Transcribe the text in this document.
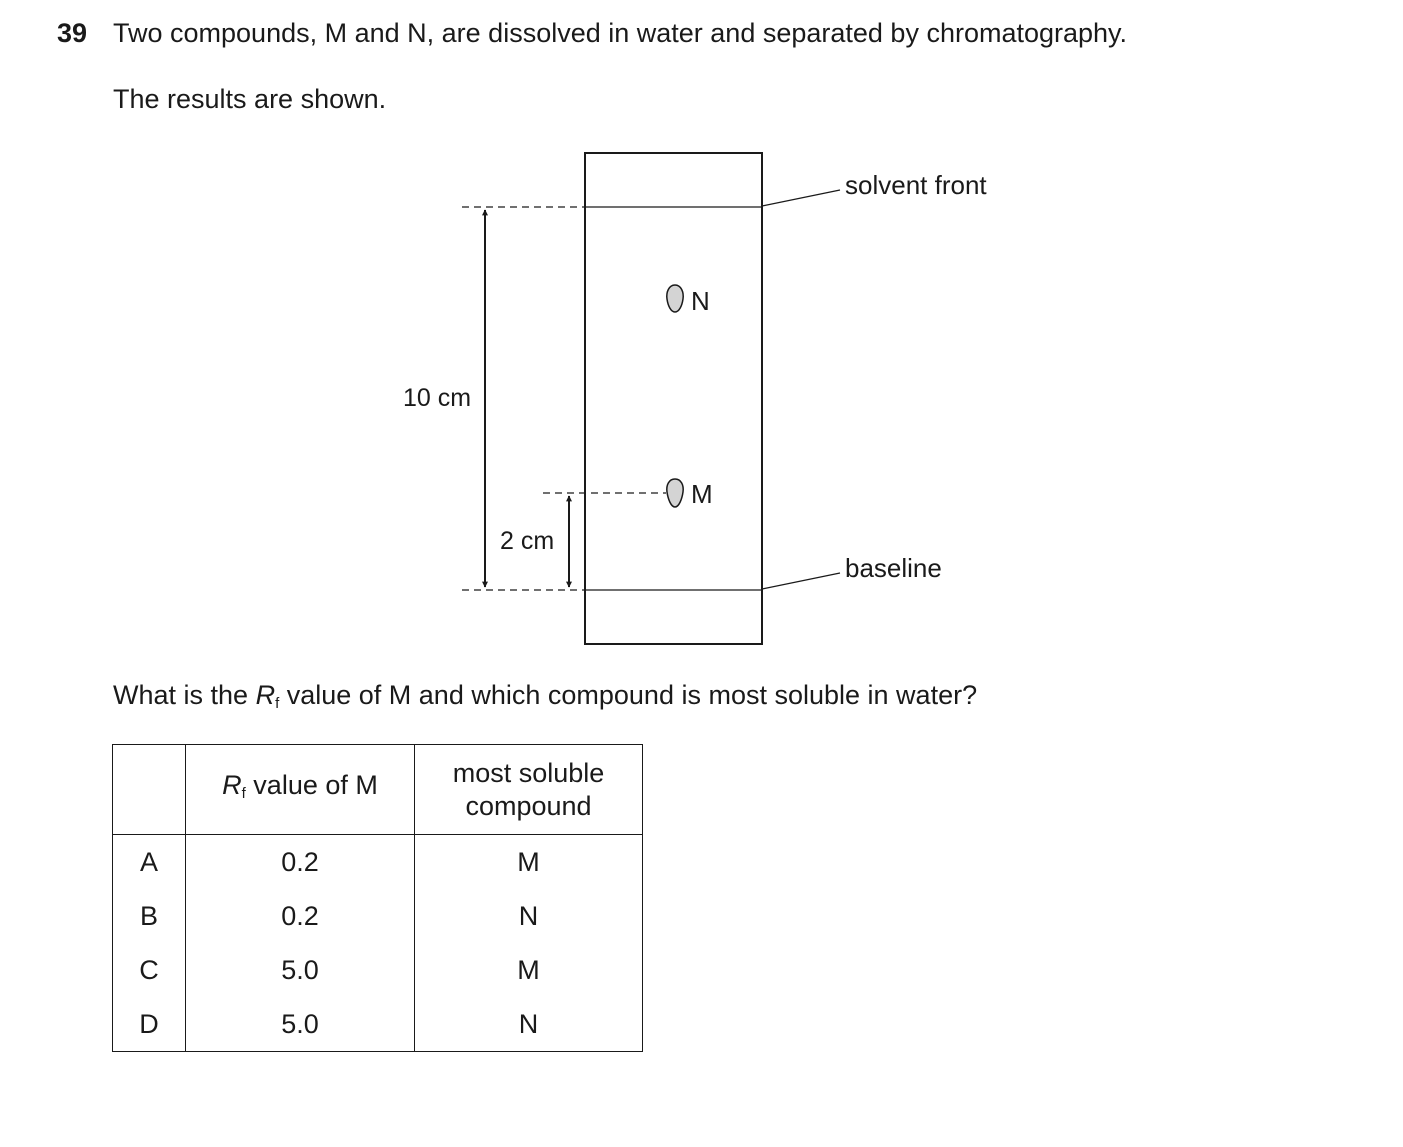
39 Two compounds, M and N, are dissolved in water and separated by chromatography.
The results are shown.
N
M
solvent front
baseline
10 cm
2 cm
What is the $R_f$ value of M and which compound is most soluble in water?
	$R_f$ value of M	most soluble
compound

A	0.2	M
B	0.2	N
C	5.0	M
D	5.0	N
